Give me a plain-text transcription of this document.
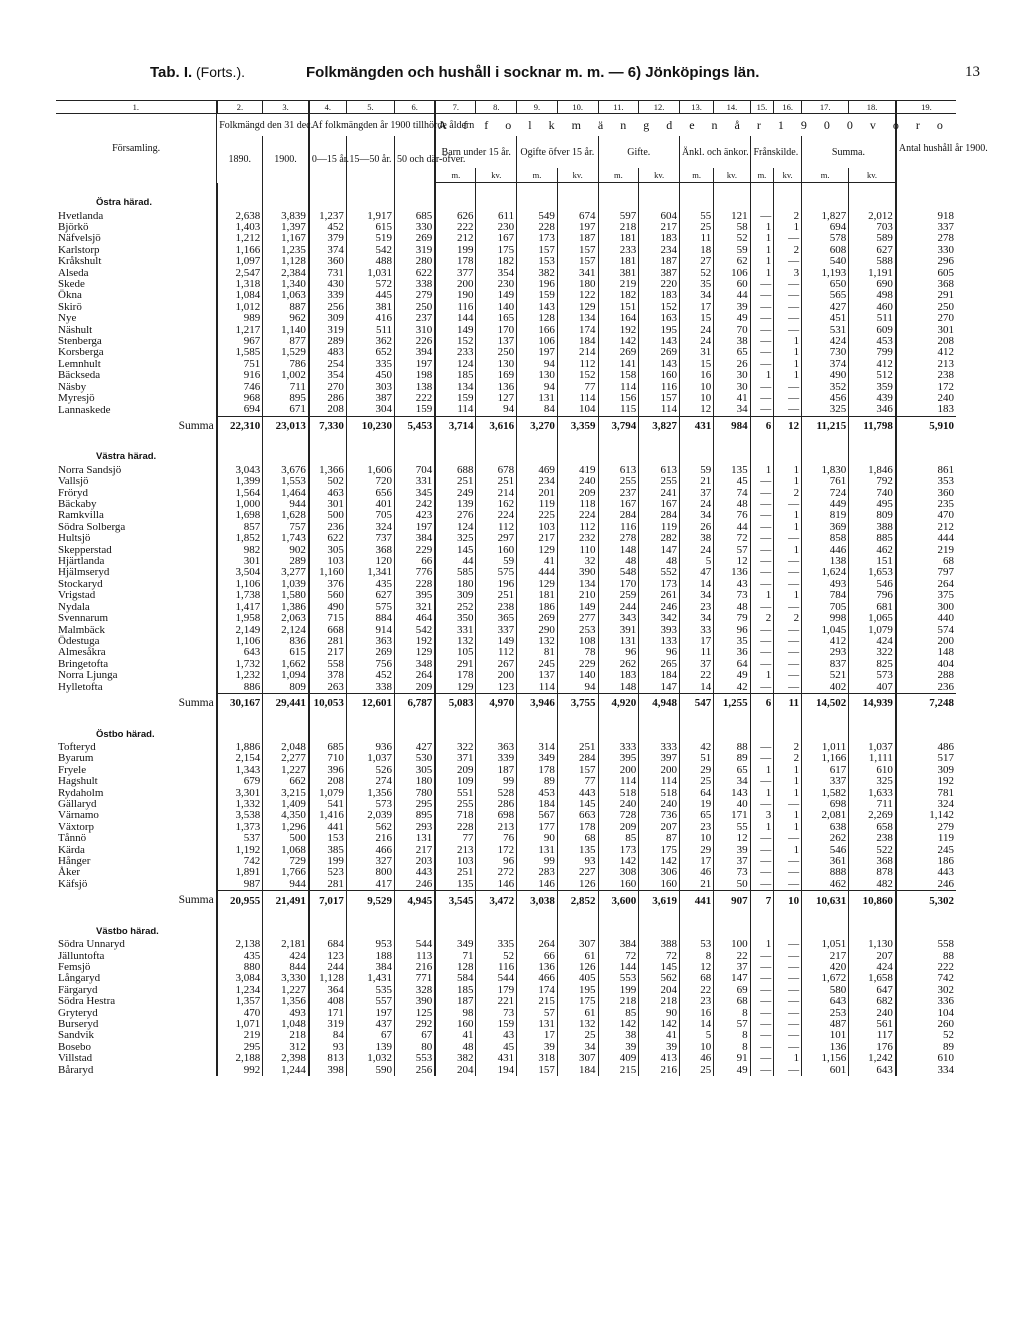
Tab. I. (Forts.).	Folkmängden och hushåll i socknar m. m. — 6) Jönköpings län.	13
1.	2.	3.	4.	5.	6.	7.	8.	9.	10.	11.	12.	13.	14.	15.	16.	17.	18.	19.
Församling.	Folkmängd den 31 dec.		Af folkmängden år 1900 tillhörde åldern			A f f o l k m ä n g d e n å r 1 9 0 0 v o r o												Antal hushåll år 1900.
	1890.	1900.	0—15 år.	15—50 år.	50 och där-öfver.	Barn under 15 år.		Ogifte öfver 15 år.		Gifte.		Änkl. och änkor.		Frånskilde.		Summa.		
						m.	kv.	m.	kv.	m.	kv.	m.	kv.	m.	kv.	m.	kv.	
Östra härad.																		
Hvetlanda	2,638	3,839	1,237	1,917	685	626	611	549	674	597	604	55	121	—	2	1,827	2,012	918
Björkö	1,403	1,397	452	615	330	222	230	228	197	218	217	25	58	1	1	694	703	337
Näfvelsjö	1,212	1,167	379	519	269	212	167	173	187	181	183	11	52	1	—	578	589	278
Karlstorp	1,166	1,235	374	542	319	199	175	157	157	233	234	18	59	1	2	608	627	330
Kråkshult	1,097	1,128	360	488	280	178	182	153	157	181	187	27	62	1	—	540	588	296
Alseda	2,547	2,384	731	1,031	622	377	354	382	341	381	387	52	106	1	3	1,193	1,191	605
Skede	1,318	1,340	430	572	338	200	230	196	180	219	220	35	60	—	—	650	690	368
Ökna	1,084	1,063	339	445	279	190	149	159	122	182	183	34	44	—	—	565	498	291
Skirö	1,012	887	256	381	250	116	140	143	129	151	152	17	39	—	—	427	460	250
Nye	989	962	309	416	237	144	165	128	134	164	163	15	49	—	—	451	511	270
Näshult	1,217	1,140	319	511	310	149	170	166	174	192	195	24	70	—	—	531	609	301
Stenberga	967	877	289	362	226	152	137	106	184	142	143	24	38	—	1	424	453	208
Korsberga	1,585	1,529	483	652	394	233	250	197	214	269	269	31	65	—	1	730	799	412
Lemnhult	751	786	254	335	197	124	130	94	112	141	143	15	26	—	1	374	412	213
Bäckseda	916	1,002	354	450	198	185	169	130	152	158	160	16	30	1	1	490	512	238
Näsby	746	711	270	303	138	134	136	94	77	114	116	10	30	—	—	352	359	172
Myresjö	968	895	286	387	222	159	127	131	114	156	157	10	41	—	—	456	439	240
Lannaskede	694	671	208	304	159	114	94	84	104	115	114	12	34	—	—	325	346	183
Summa	22,310	23,013	7,330	10,230	5,453	3,714	3,616	3,270	3,359	3,794	3,827	431	984	6	12	11,215	11,798	5,910
Västra härad.																		
Norra Sandsjö	3,043	3,676	1,366	1,606	704	688	678	469	419	613	613	59	135	1	1	1,830	1,846	861
Vallsjö	1,399	1,553	502	720	331	251	251	234	240	255	255	21	45	—	1	761	792	353
Fröryd	1,564	1,464	463	656	345	249	214	201	209	237	241	37	74	—	2	724	740	360
Bäckaby	1,000	944	301	401	242	139	162	119	118	167	167	24	48	—	—	449	495	235
Ramkvilla	1,698	1,628	500	705	423	276	224	225	224	284	284	34	76	—	1	819	809	470
Södra Solberga	857	757	236	324	197	124	112	103	112	116	119	26	44	—	1	369	388	212
Hultsjö	1,852	1,743	622	737	384	325	297	217	232	278	282	38	72	—	—	858	885	444
Skepperstad	982	902	305	368	229	145	160	129	110	148	147	24	57	—	1	446	462	219
Hjärtlanda	301	289	103	120	66	44	59	41	32	48	48	5	12	—	—	138	151	68
Hjälmseryd	3,504	3,277	1,160	1,341	776	585	575	444	390	548	552	47	136	—	—	1,624	1,653	797
Stockaryd	1,106	1,039	376	435	228	180	196	129	134	170	173	14	43	—	—	493	546	264
Vrigstad	1,738	1,580	560	627	395	309	251	181	210	259	261	34	73	1	1	784	796	375
Nydala	1,417	1,386	490	575	321	252	238	186	149	244	246	23	48	—	—	705	681	300
Svennarum	1,958	2,063	715	884	464	350	365	269	277	343	342	34	79	2	2	998	1,065	440
Malmbäck	2,149	2,124	668	914	542	331	337	290	253	391	393	33	96	—	—	1,045	1,079	574
Ödestuga	1,106	836	281	363	192	132	149	132	108	131	133	17	35	—	—	412	424	200
Almesåkra	643	615	217	269	129	105	112	81	78	96	96	11	36	—	—	293	322	148
Bringetofta	1,732	1,662	558	756	348	291	267	245	229	262	265	37	64	—	—	837	825	404
Norra Ljunga	1,232	1,094	378	452	264	178	200	137	140	183	184	22	49	1	—	521	573	288
Hylletofta	886	809	263	338	209	129	123	114	94	148	147	14	42	—	—	402	407	236
Summa	30,167	29,441	10,053	12,601	6,787	5,083	4,970	3,946	3,755	4,920	4,948	547	1,255	6	11	14,502	14,939	7,248
Östbo härad.																		
Tofteryd	1,886	2,048	685	936	427	322	363	314	251	333	333	42	88	—	2	1,011	1,037	486
Byarum	2,154	2,277	710	1,037	530	371	339	349	284	395	397	51	89	—	2	1,166	1,111	517
Fryele	1,343	1,227	396	526	305	209	187	178	157	200	200	29	65	1	1	617	610	309
Hagshult	679	662	208	274	180	109	99	89	77	114	114	25	34	—	1	337	325	192
Rydaholm	3,301	3,215	1,079	1,356	780	551	528	453	443	518	518	64	143	1	1	1,582	1,633	781
Gällaryd	1,332	1,409	541	573	295	255	286	184	145	240	240	19	40	—	—	698	711	324
Värnamo	3,538	4,350	1,416	2,039	895	718	698	567	663	728	736	65	171	3	1	2,081	2,269	1,142
Växtorp	1,373	1,296	441	562	293	228	213	177	178	209	207	23	55	1	1	638	658	279
Tånnö	537	500	153	216	131	77	76	90	68	85	87	10	12	—	—	262	238	119
Kärda	1,192	1,068	385	466	217	213	172	131	135	173	175	29	39	—	1	546	522	245
Hånger	742	729	199	327	203	103	96	99	93	142	142	17	37	—	—	361	368	186
Åker	1,891	1,766	523	800	443	251	272	283	227	308	306	46	73	—	—	888	878	443
Käfsjö	987	944	281	417	246	135	146	146	126	160	160	21	50	—	—	462	482	246
Summa	20,955	21,491	7,017	9,529	4,945	3,545	3,472	3,038	2,852	3,600	3,619	441	907	7	10	10,631	10,860	5,302
Västbo härad.																		
Södra Unnaryd	2,138	2,181	684	953	544	349	335	264	307	384	388	53	100	1	—	1,051	1,130	558
Jälluntofta	435	424	123	188	113	71	52	66	61	72	72	8	22	—	—	217	207	88
Femsjö	880	844	244	384	216	128	116	136	126	144	145	12	37	—	—	420	424	222
Långaryd	3,084	3,330	1,128	1,431	771	584	544	466	405	553	562	68	147	—	—	1,672	1,658	742
Färgaryd	1,234	1,227	364	535	328	185	179	174	195	199	204	22	69	—	—	580	647	302
Södra Hestra	1,357	1,356	408	557	390	187	221	215	175	218	218	23	68	—	—	643	682	336
Gryteryd	470	493	171	197	125	98	73	57	61	85	90	16	8	—	—	253	240	104
Burseryd	1,071	1,048	319	437	292	160	159	131	132	142	142	14	57	—	—	487	561	260
Sandvik	219	218	84	67	67	41	43	17	25	38	41	5	8	—	—	101	117	52
Bosebo	295	312	93	139	80	48	45	39	34	39	39	10	8	—	—	136	176	89
Villstad	2,188	2,398	813	1,032	553	382	431	318	307	409	413	46	91	—	1	1,156	1,242	610
Båraryd	992	1,244	398	590	256	204	194	157	184	215	216	25	49	—	—	601	643	334
